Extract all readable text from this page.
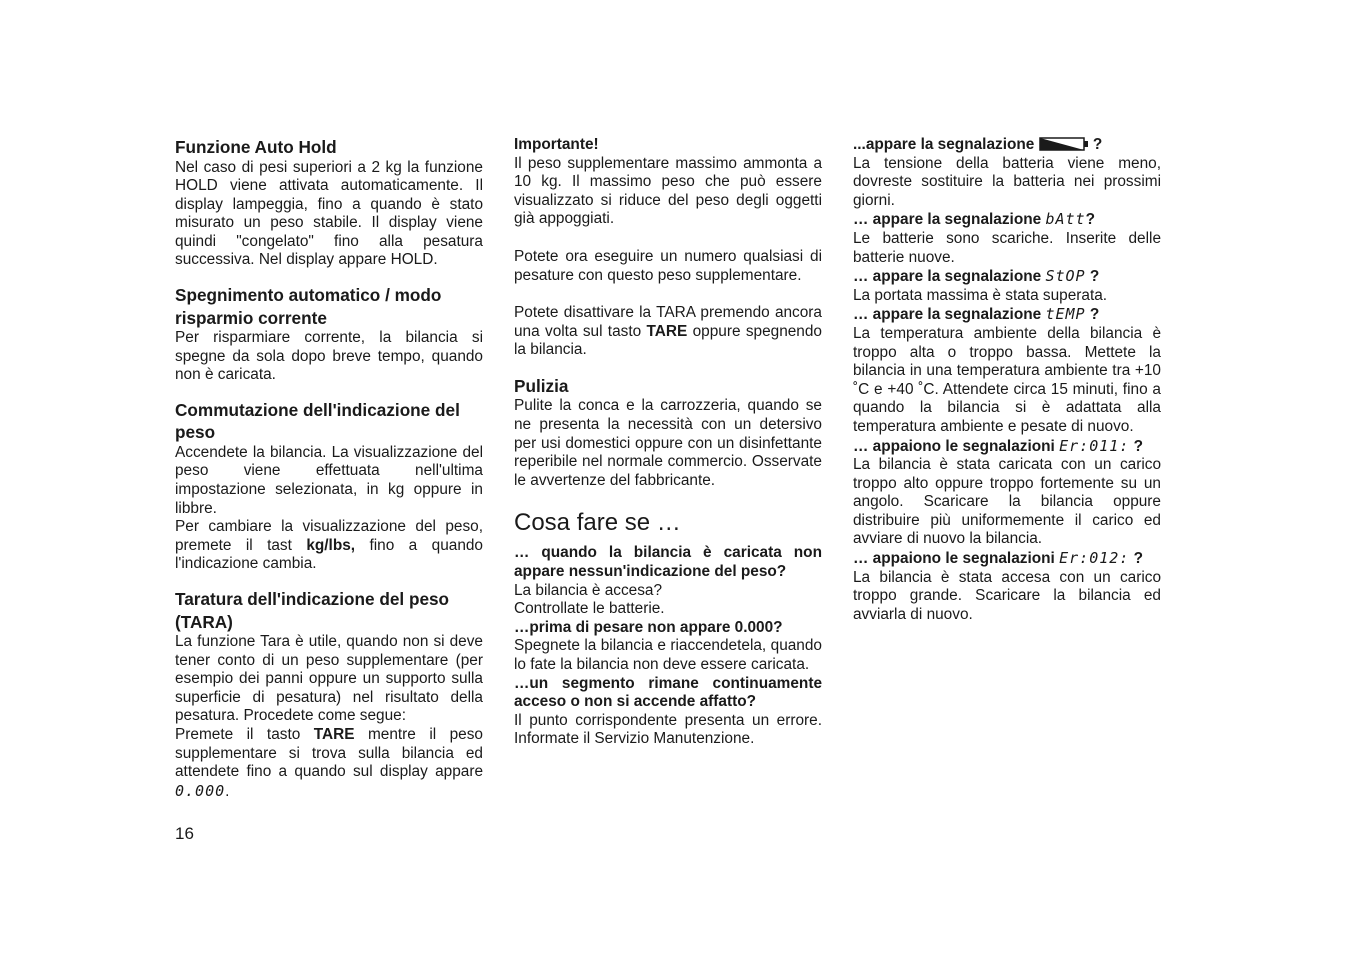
Funzione Auto Hold

Nel caso di pesi superiori a 2 kg la funzione HOLD viene attivata automaticamente. Il display lampeggia, fino a quando è stato misurato un peso stabile. Il display viene quindi "congelato" fino alla pesatura successiva. Nel display appare HOLD.

Spegnimento automatico / modo risparmio corrente

Per risparmiare corrente, la bilancia si spegne da sola dopo breve tempo, quando non è caricata.

Commutazione dell'indicazione del peso

Accendete la bilancia. La visualizzazione del peso viene effettuata nell'ultima impostazione selezionata, in kg oppure in libbre.

Per cambiare la visualizzazione del peso, premete il tast kg/lbs, fino a quando l'indicazione cambia.

Taratura dell'indicazione del peso (TARA)

La funzione Tara è utile, quando non si deve tener conto di un peso supplementare (per esempio dei panni oppure un supporto sulla superficie di pesatura) nel risultato della pesatura. Procedete come segue:

Premete il tasto TARE mentre il peso supplementare si trova sulla bilancia ed attendete fino a quando sul display appare 0.000.

Importante!

Il peso supplementare massimo ammonta a 10 kg. Il massimo peso che può essere visualizzato si riduce del peso degli oggetti già appoggiati.

Potete ora eseguire un numero qualsiasi di pesature con questo peso supplementare.

Potete disattivare la TARA premendo ancora una volta sul tasto TARE oppure spegnendo la bilancia.

Pulizia

Pulite la conca e la carrozzeria, quando se ne presenta la necessità con un detersivo per usi domestici oppure con un disinfettante reperibile nel normale commercio. Osservate le avvertenze del fabbricante.

Cosa fare se …

… quando la bilancia è caricata non appare nessun'indicazione del peso?

La bilancia è accesa?

Controllate le batterie.

…prima di pesare non appare 0.000?

Spegnete la bilancia e riaccendetela, quando lo fate la bilancia non deve essere caricata.

…un segmento rimane continuamente acceso o non si accende affatto?

Il punto corrispondente presenta un errore. Informate il Servizio Manutenzione.

...appare la segnalazione	?

La tensione della batteria viene meno, dovreste sostituire la batteria nei prossimi giorni.

… appare la segnalazione bAtt?

Le batterie sono scariche. Inserite delle batterie nuove.

… appare la segnalazione StOP ?

La portata massima è stata superata.

… appare la segnalazione tEMP ?

La temperatura ambiente della bilancia è troppo alta o troppo bassa. Mettete la bilancia in una temperatura ambiente tra +10 ˚C e +40 ˚C. Attendete circa 15 minuti, fino a quando la bilancia si è adattata alla temperatura ambiente e pesate di nuovo.

… appaiono le segnalazioni Er:011: ?

La bilancia è stata caricata con un carico troppo alto oppure troppo fortemente su un angolo. Scaricare la bilancia oppure distribuire più uniformemente il carico ed avviare di nuovo la bilancia.

… appaiono le segnalazioni Er:012: ?

La bilancia è stata accesa con un carico troppo grande. Scaricare la bilancia ed avviarla di nuovo.

16
